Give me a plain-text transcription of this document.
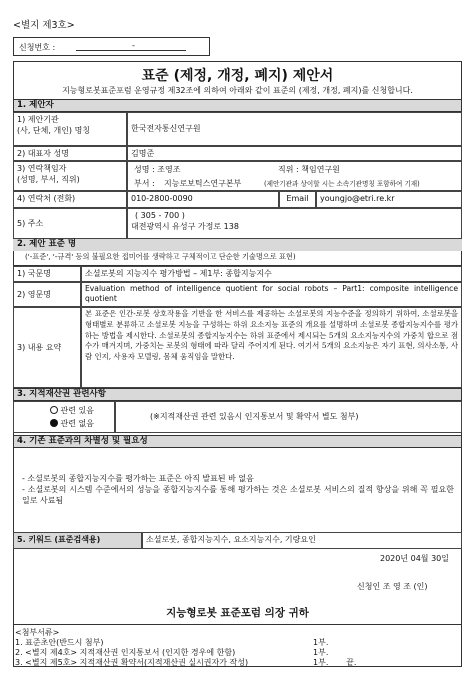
<별지 제3호>
신청번호 :	-
표준 (제정, 개정, 폐지) 제안서
지능형로봇표준포럼 운영규정 제32조에 의하여 아래와 같이 표준의 (제정, 개정, 폐지)를 신청합니다.
1. 제안자
1) 제안기관
(사, 단체, 개인) 명칭	한국전자통신연구원
2) 대표자 성명	김명준
3) 연락책임자
(성명, 부서, 직위)
성명 : 조영조	직위 : 책임연구원
부서 : 지능로보틱스연구본부	(제안기관과 상이할 시는 소속기관명칭 포함하여 기재)
4) 연락처 (전화)	010-2800-0090	Email	youngjo@etri.re.kr
5) 주소
( 305 - 700 )
대전광역시 유성구 가정로 138
2. 제안 표준 명
('-표준', '-규격' 등의 불필요한 접미어를 생략하고 구체적이고 단순한 기술명으로 표현)
1) 국문명	소셜로봇의 지능지수 평가방법 – 제1부: 종합지능지수
2) 영문명
Evaluation method of intelligence quotient for social robots – Part1: composite intelligence quotient
3) 내용 요약
본 표준은 인간-로봇 상호작용을 기반을 한 서비스를 제공하는 소셜로봇의 지능수준을 정의하기 위하여, 소셜로봇을 형태별로 분류하고 소셜로봇 지능을 구성하는 하위 요소지능 표준의 개요를 설명하며 소셜로봇 종합지능지수를 평가하는 방법을 제시한다. 소셜로봇의 종합지능지수는 하위 표준에서 제시되는 5개의 요소지능지수의 가중치 합으로 점수가 매겨지며, 가중치는 로봇의 형태에 따라 달리 주어지게 된다. 여기서 5개의 요소지능은 자기 표현, 의사소통, 사람 인지, 사용자 모델링, 몸체 움직임을 말한다.
3. 지적재산권 관련사항
관련 있음
관련 없음
(※지적재산권 관련 있음시 인지통보서 및 확약서 별도 첨부)
4. 기존 표준과의 차별성 및 필요성
- 소셜로봇의 종합지능지수를 평가하는 표준은 아직 발표된 바 없음
- 소셜로봇의 시스템 수준에서의 성능을 종합지능지수를 통해 평가하는 것은 소셜로봇 서비스의 질적 향상을 위해 꼭 필요한 일로 사료됨
5. 키워드 (표준검색용)	소셜로봇, 종합지능지수, 요소지능지수, 기량요인
2020년 04월 30일
신청인 조 영 조 (인)
지능형로봇 표준포럼 의장 귀하
<첨부서류>
1. 표준초안(반드시 첨부)	1부.
2. <별지 제4호> 지적재산권 인지통보서 (인지한 경우에 한함)	1부.
3. <별지 제5호> 지적재산권 확약서(지적재산권 실시권자가 작성)	1부.       끝.
